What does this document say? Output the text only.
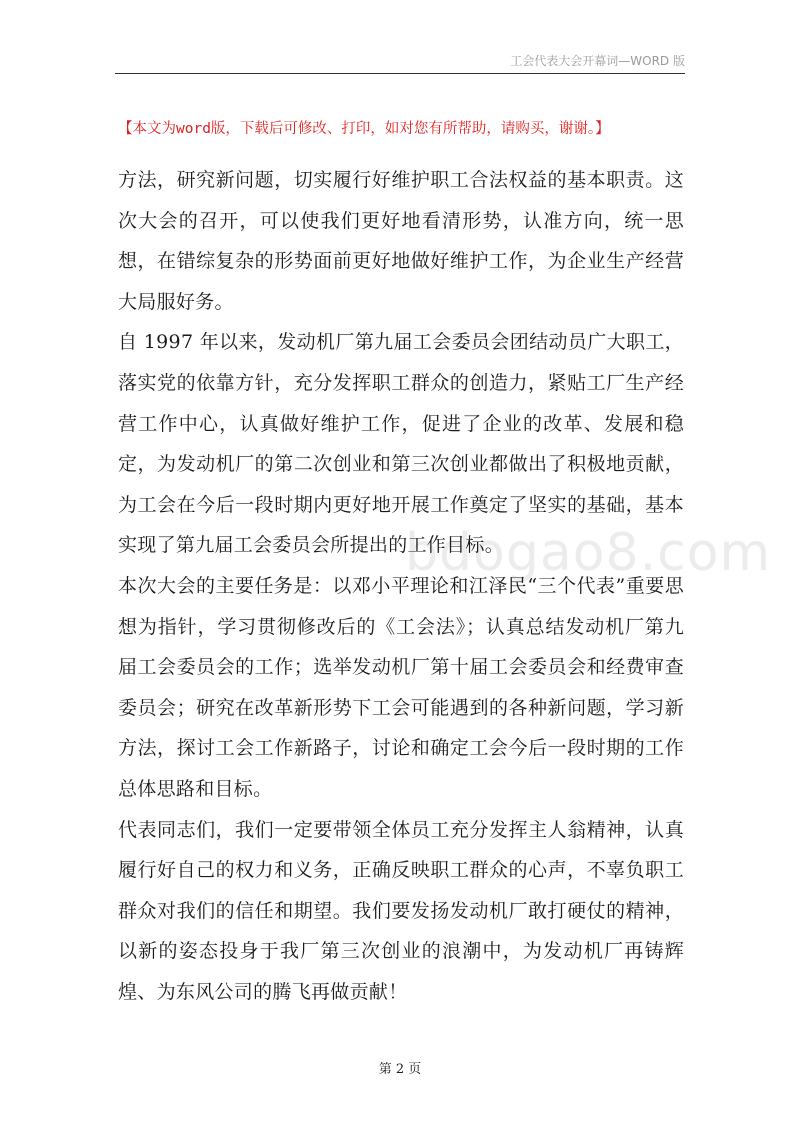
工会代表大会开幕词—WORD 版
【本文为word版，下载后可修改、打印，如对您有所帮助，请购买，谢谢。】
bdogao8.com

方法，研究新问题，切实履行好维护职工合法权益的基本职责。这次大会的召开，可以使我们更好地看清形势，认准方向，统一思想，在错综复杂的形势面前更好地做好维护工作，为企业生产经营大局服好务。

自 1997 年以来，发动机厂第九届工会委员会团结动员广大职工，落实党的依靠方针，充分发挥职工群众的创造力，紧贴工厂生产经营工作中心，认真做好维护工作，促进了企业的改革、发展和稳定，为发动机厂的第二次创业和第三次创业都做出了积极地贡献，为工会在今后一段时期内更好地开展工作奠定了坚实的基础，基本实现了第九届工会委员会所提出的工作目标。

本次大会的主要任务是：以邓小平理论和江泽民“三个代表”重要思想为指针，学习贯彻修改后的《工会法》；认真总结发动机厂第九届工会委员会的工作；选举发动机厂第十届工会委员会和经费审查委员会；研究在改革新形势下工会可能遇到的各种新问题，学习新方法，探讨工会工作新路子，讨论和确定工会今后一段时期的工作总体思路和目标。

代表同志们，我们一定要带领全体员工充分发挥主人翁精神，认真履行好自己的权力和义务，正确反映职工群众的心声，不辜负职工群众对我们的信任和期望。我们要发扬发动机厂敢打硬仗的精神，以新的姿态投身于我厂第三次创业的浪潮中，为发动机厂再铸辉煌、为东风公司的腾飞再做贡献！

第 2 页
